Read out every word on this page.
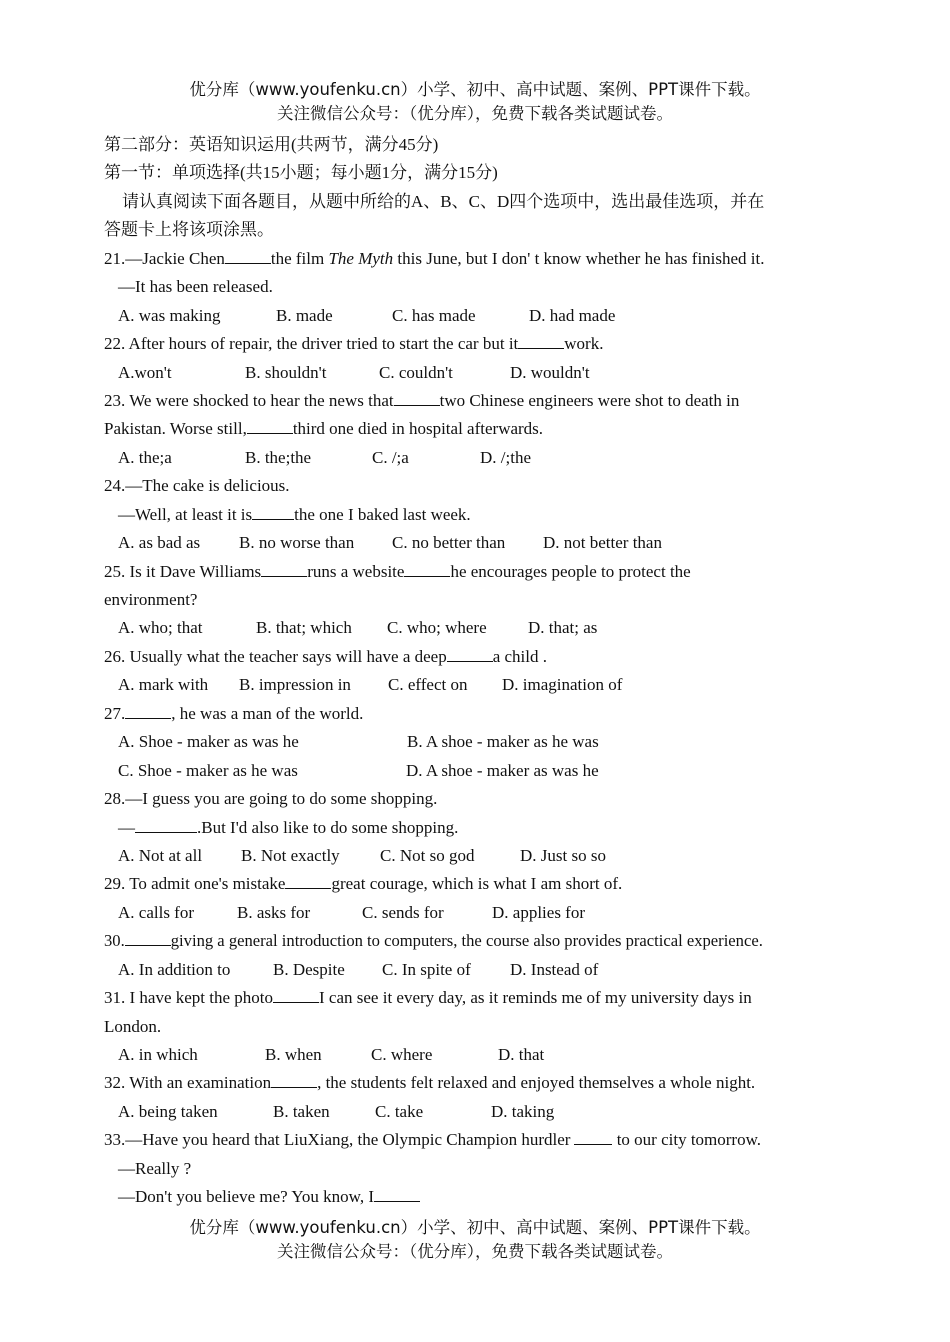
优分库（www.youfenku.cn）小学、初中、高中试题、案例、PPT课件下载。
关注微信公众号：（优分库），免费下载各类试题试卷。
第二部分：英语知识运用(共两节，满分45分)
第一节：单项选择(共15小题；每小题1分，满分15分)
请认真阅读下面各题目，从题中所给的A、B、C、D四个选项中，选出最佳选项，并在
答题卡上将该项涂黑。
21.—Jackie Chen	the film The Myth this June, but I don' t know whether he has finished it.
—It has been released.
A. was making	B. made	C. has made	D. had made
22. After hours of repair, the driver tried to start the car but it	work.
A.won't	B. shouldn't	C. couldn't	D. wouldn't
23. We were shocked to hear the news that	two Chinese engineers were shot to death in
Pakistan. Worse still,	third one died in hospital afterwards.
A. the;a	B. the;the	C. /;a	D. /;the
24.—The cake is delicious.
—Well, at least it is the one I baked last week.
A. as bad as	B. no worse than	C. no better than	D. not better than
25. Is it Dave Williams	runs a website	he encourages people to protect the
environment?
A. who; that	B. that; which	C. who; where	D. that; as
26. Usually what the teacher says will have a deep	a child .
A. mark with	B. impression in	C. effect on	D. imagination of
27.	, he was a man of the world.
A. Shoe - maker as was he	B. A shoe - maker as he was
C. Shoe - maker as he was	D. A shoe - maker as was he
28.—I guess you are going to do some shopping.
—	.But I'd also like to do some shopping.
A. Not at all	B. Not exactly	C. Not so god	D. Just so so
29. To admit one's mistake	great courage, which is what I am short of.
A. calls for	B. asks for	C. sends for	D. applies for
30.	giving a general introduction to computers, the course also provides practical experience.
A. In addition to	B. Despite	C. In spite of	D. Instead of
31. I have kept the photo	I can see it every day, as it reminds me of my university days in
London.
A. in which	B. when	C. where	D. that
32. With an examination	, the students felt relaxed and enjoyed themselves a whole night.
A. being taken	B. taken	C. take	D. taking
33.—Have you heard that LiuXiang, the Olympic Champion hurdler to our city tomorrow.
—Really ?
—Don't you believe me? You know, I
优分库（www.youfenku.cn）小学、初中、高中试题、案例、PPT课件下载。
关注微信公众号：（优分库），免费下载各类试题试卷。
